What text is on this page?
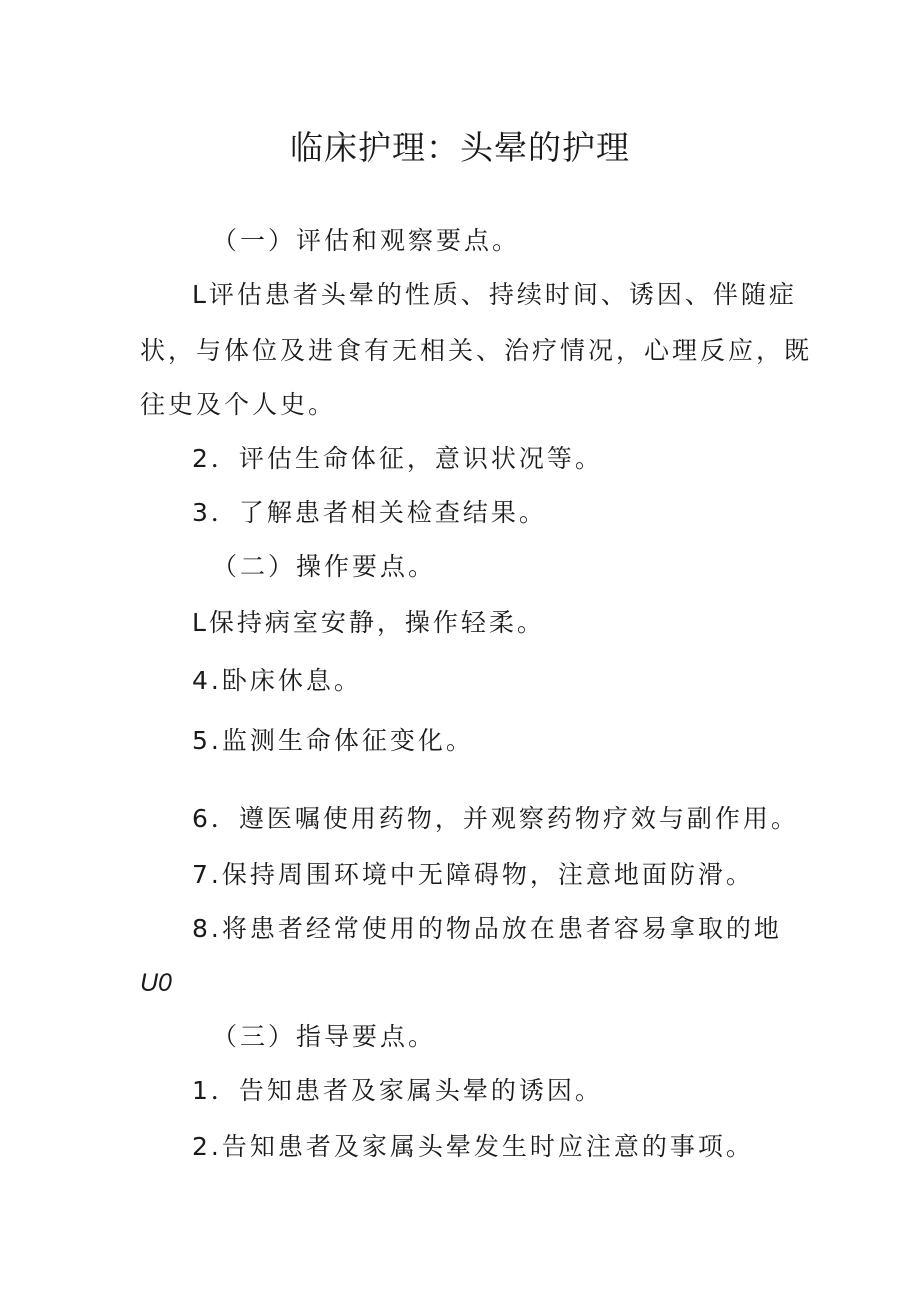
临床护理：头晕的护理

（一）评估和观察要点。

L评估患者头晕的性质、持续时间、诱因、伴随症

状，与体位及进食有无相关、治疗情况，心理反应，既

往史及个人史。

2．评估生命体征，意识状况等。

3．了解患者相关检查结果。

（二）操作要点。

L保持病室安静，操作轻柔。

4.卧床休息。

5.监测生命体征变化。

6．遵医嘱使用药物，并观察药物疗效与副作用。

7.保持周围环境中无障碍物，注意地面防滑。

8.将患者经常使用的物品放在患者容易拿取的地

U0

（三）指导要点。

1．告知患者及家属头晕的诱因。

2.告知患者及家属头晕发生时应注意的事项。
